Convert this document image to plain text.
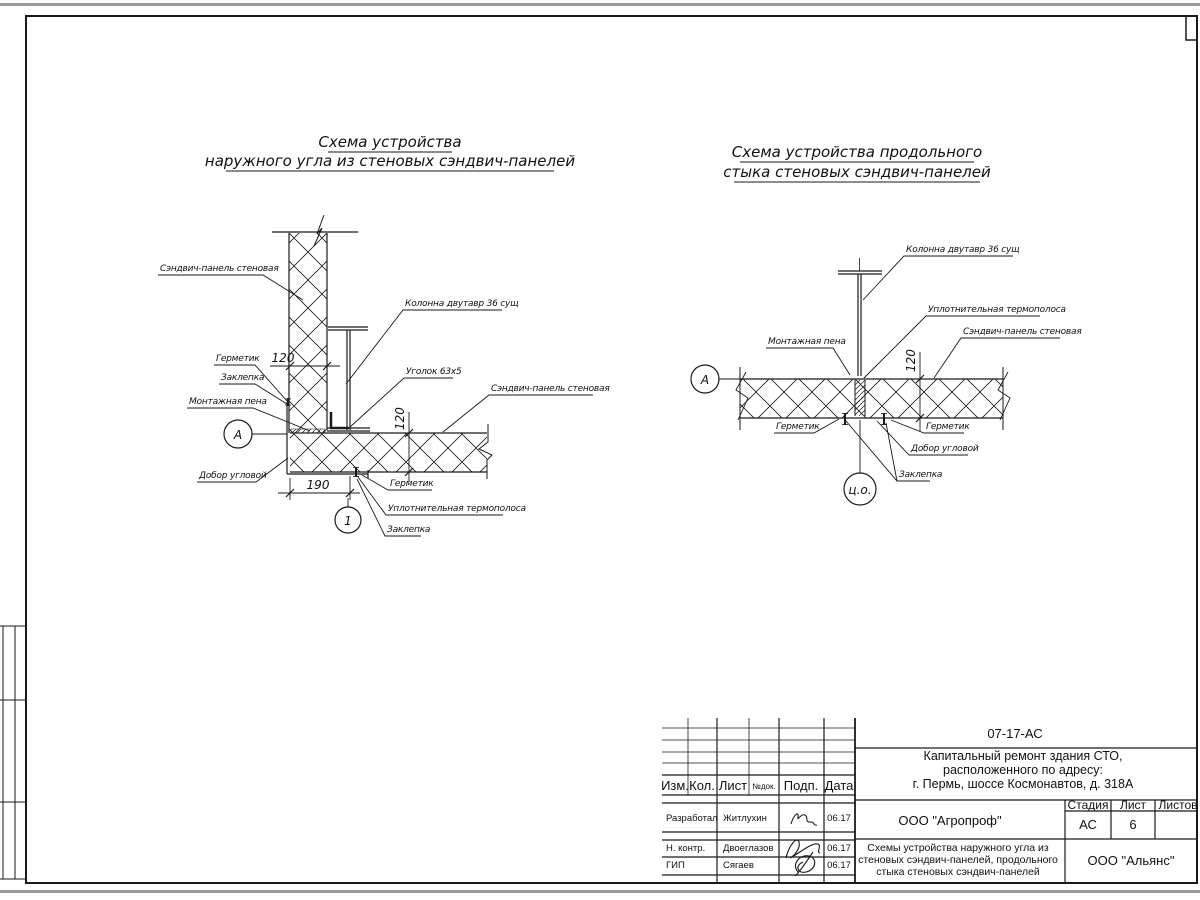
Схема устройства
наружного угла из стеновых сэндвич-панелей
120
120
190
А
1
Сэндвич-панель стеновая
Колонна двутавр 36 сущ
Герметик
Заклепка
Монтажная пена
Уголок 63х5
Сэндвич-панель стеновая
Добор угловой
Герметик
Уплотнительная термополоса
Заклепка
Схема устройства продольного
стыка стеновых сэндвич-панелей
120
А
ц.о.
Колонна двутавр 36 сущ
Уплотнительная термополоса
Сэндвич-панель стеновая
Монтажная пена
Герметик	Герметик
Добор угловой
Заклепка
Изм. Кол. Лист №док. Подп. Дата
Разработал Житлухин	06.17
Н. контр. Двоеглазов	06.17
ГИП	Сягаев	06.17
07-17-АС
Капитальный ремонт здания СТО,
расположенного по адресу:
г. Пермь, шоссе Космонавтов, д. 318А
ООО "Агропроф"
Стадия Лист Листов
АС 6
Схемы устройства наружного угла из
стеновых сэндвич-панелей, продольного
стыка стеновых сэндвич-панелей
ООО "Альянс"
